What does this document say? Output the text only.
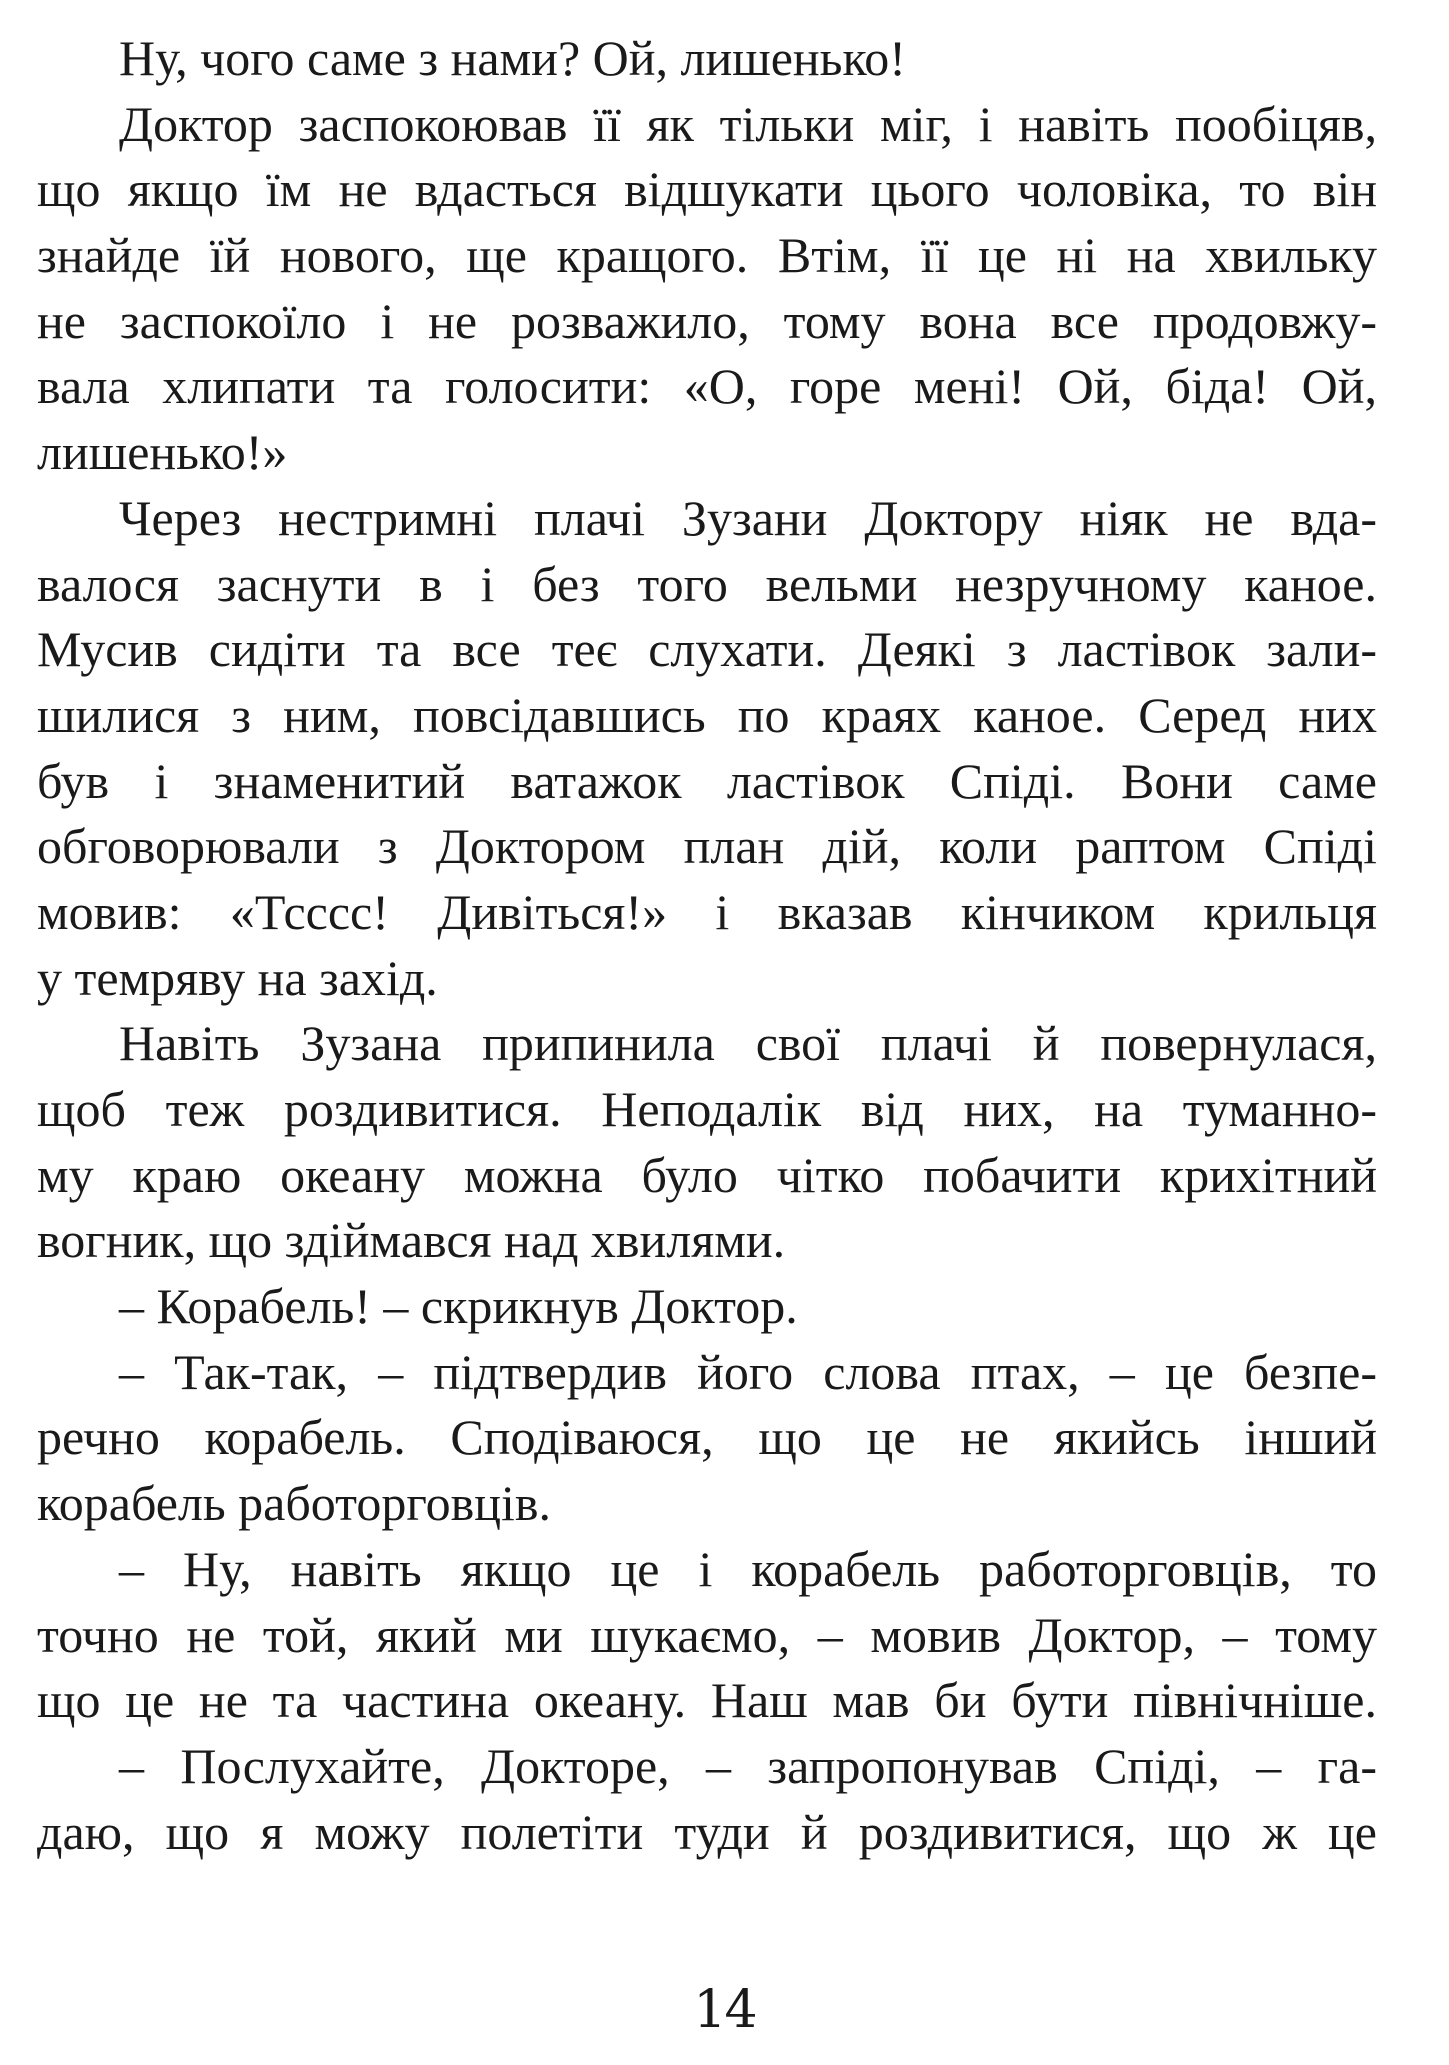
Ну, чого саме з нами? Ой, лишенько!
Доктор заспокоював її як тільки міг, і навіть пообіцяв,
що якщо їм не вдасться відшукати цього чоловіка, то він
знайде їй нового, ще кращого. Втім, її це ні на хвильку
не заспокоїло і не розважило, тому вона все продовжу-
вала хлипати та голосити: «О, горе мені! Ой, біда! Ой,
лишенько!»
Через нестримні плачі Зузани Доктору ніяк не вда-
валося заснути в і без того вельми незручному каное.
Мусив сидіти та все теє слухати. Деякі з ластівок зали-
шилися з ним, повсідавшись по краях каное. Серед них
був і знаменитий ватажок ластівок Спіді. Вони саме
обговорювали з Доктором план дій, коли раптом Спіді
мовив: «Тсссс! Дивіться!» і вказав кінчиком крильця
у темряву на захід.
Навіть Зузана припинила свої плачі й повернулася,
щоб теж роздивитися. Неподалік від них, на туманно-
му краю океану можна було чітко побачити крихітний
вогник, що здіймався над хвилями.
– Корабель! – скрикнув Доктор.
– Так-так, – підтвердив його слова птах, – це безпе-
речно корабель. Сподіваюся, що це не якийсь інший
корабель работорговців.
– Ну, навіть якщо це і корабель работорговців, то
точно не той, який ми шукаємо, – мовив Доктор, – тому
що це не та частина океану. Наш мав би бути північніше.
– Послухайте, Докторе, – запропонував Спіді, – га-
даю, що я можу полетіти туди й роздивитися, що ж це
14
